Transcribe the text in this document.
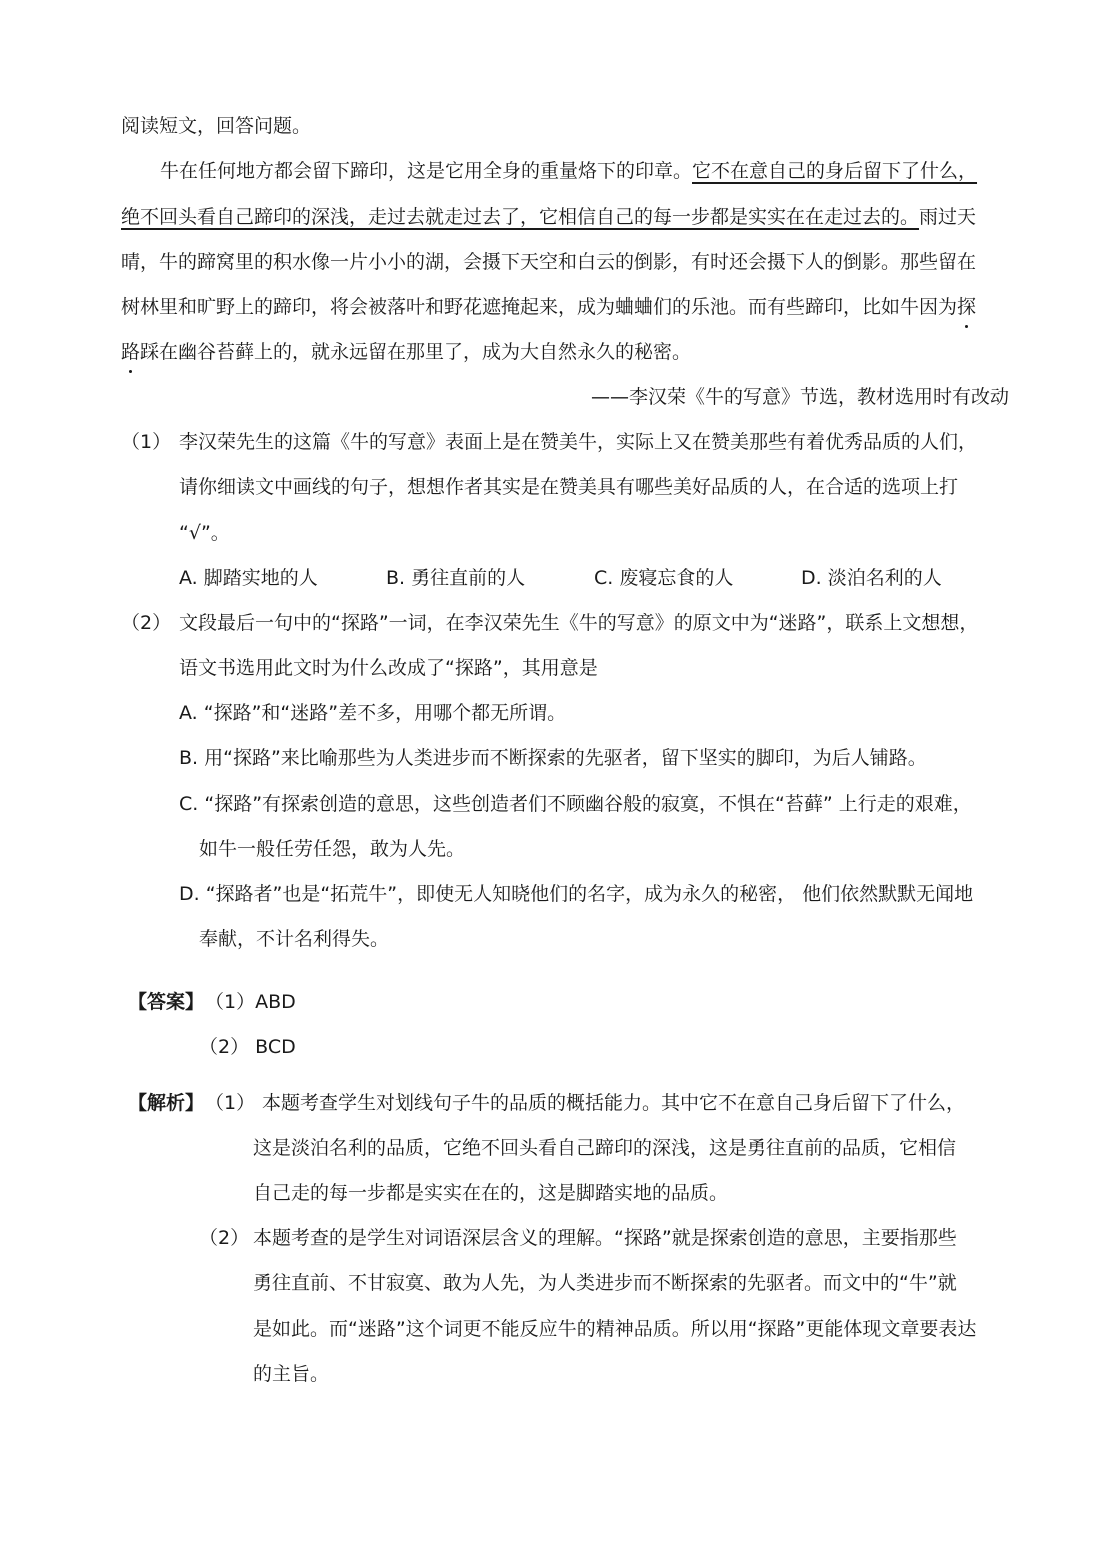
阅读短文，回答问题。
牛在任何地方都会留下蹄印，这是它用全身的重量烙下的印章。它不在意自己的身后留下了什么，
绝不回头看自己蹄印的深浅，走过去就走过去了，它相信自己的每一步都是实实在在走过去的。雨过天
晴，牛的蹄窝里的积水像一片小小的湖，会摄下天空和白云的倒影，有时还会摄下人的倒影。那些留在
树林里和旷野上的蹄印，将会被落叶和野花遮掩起来，成为蛐蛐们的乐池。而有些蹄印，比如牛因为探
路踩在幽谷苔藓上的，就永远留在那里了，成为大自然永久的秘密。
——李汉荣《牛的写意》节选，教材选用时有改动
（1） 李汉荣先生的这篇《牛的写意》表面上是在赞美牛，实际上又在赞美那些有着优秀品质的人们，
请你细读文中画线的句子，想想作者其实是在赞美具有哪些美好品质的人，在合适的选项上打
“√”。
A. 脚踏实地的人	B. 勇往直前的人	C. 废寝忘食的人	D. 淡泊名利的人
（2） 文段最后一句中的“探路”一词，在李汉荣先生《牛的写意》的原文中为“迷路”，联系上文想想，
语文书选用此文时为什么改成了“探路”，其用意是
A. “探路”和“迷路”差不多，用哪个都无所谓。
B. 用“探路”来比喻那些为人类进步而不断探索的先驱者，留下坚实的脚印，为后人铺路。
C. “探路”有探索创造的意思，这些创造者们不顾幽谷般的寂寞，不惧在“苔藓” 上行走的艰难，
如牛一般任劳任怨，敢为人先。
D. “探路者”也是“拓荒牛”，即使无人知晓他们的名字，成为永久的秘密， 他们依然默默无闻地
奉献，不计名利得失。
【答案】 （1）ABD
（2） BCD
【解析】 （1） 本题考查学生对划线句子牛的品质的概括能力。其中它不在意自己身后留下了什么，
这是淡泊名利的品质，它绝不回头看自己蹄印的深浅，这是勇往直前的品质，它相信
自己走的每一步都是实实在在的，这是脚踏实地的品质。
（2） 本题考查的是学生对词语深层含义的理解。“探路”就是探索创造的意思，主要指那些
勇往直前、不甘寂寞、敢为人先，为人类进步而不断探索的先驱者。而文中的“牛”就
是如此。而“迷路”这个词更不能反应牛的精神品质。所以用“探路”更能体现文章要表达
的主旨。
